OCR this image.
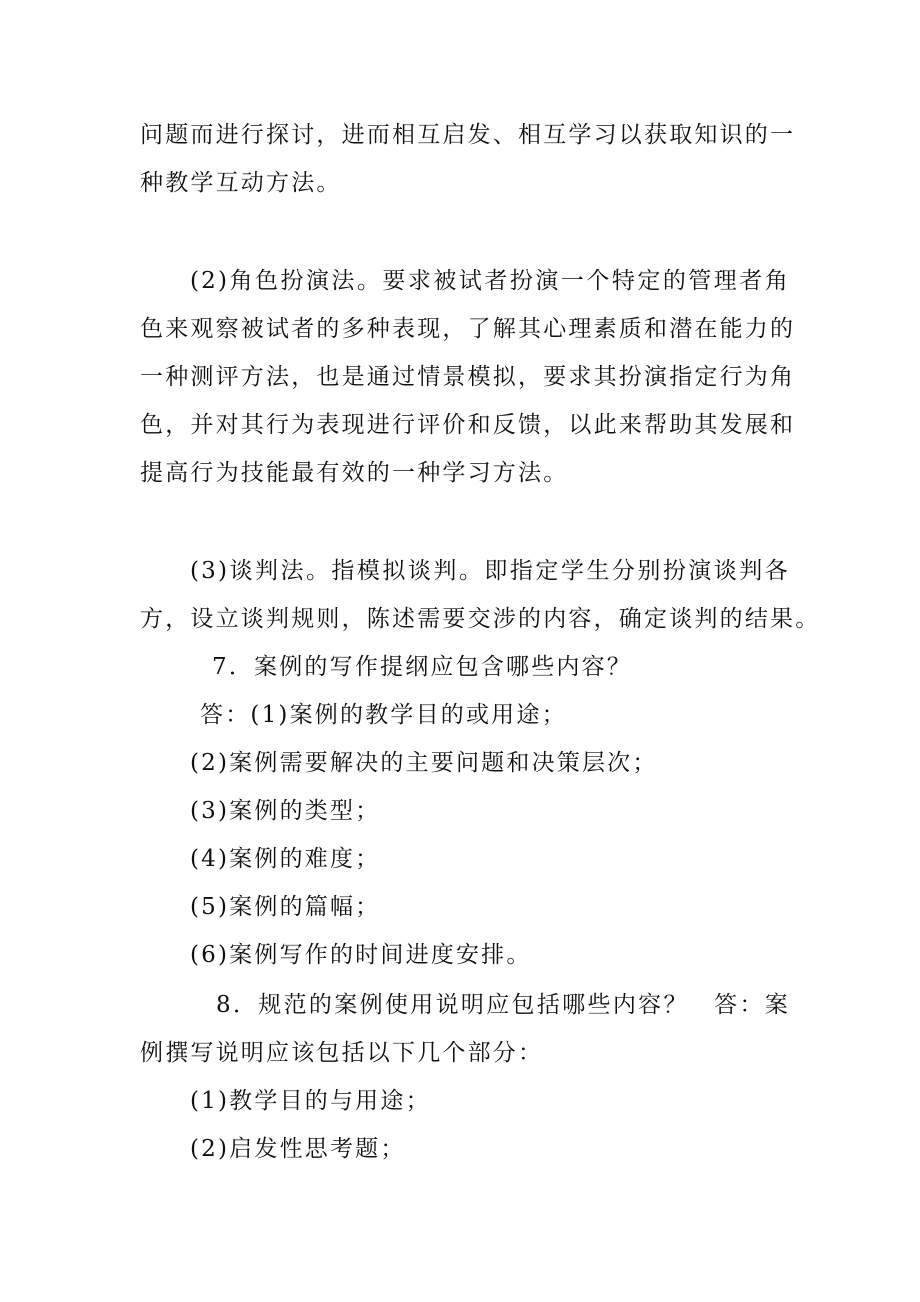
问题而进行探讨，进而相互启发、相互学习以获取知识的一
种教学互动方法。
(2)角色扮演法。要求被试者扮演一个特定的管理者角
色来观察被试者的多种表现，了解其心理素质和潜在能力的
一种测评方法，也是通过情景模拟，要求其扮演指定行为角
色，并对其行为表现进行评价和反馈，以此来帮助其发展和
提高行为技能最有效的一种学习方法。
(3)谈判法。指模拟谈判。即指定学生分别扮演谈判各
方，设立谈判规则，陈述需要交涉的内容，确定谈判的结果。
7．案例的写作提纲应包含哪些内容？
答：(1)案例的教学目的或用途；
(2)案例需要解决的主要问题和决策层次；
(3)案例的类型；
(4)案例的难度；
(5)案例的篇幅；
(6)案例写作的时间进度安排。
8．规范的案例使用说明应包括哪些内容？　答：案
例撰写说明应该包括以下几个部分：
(1)教学目的与用途；
(2)启发性思考题；
